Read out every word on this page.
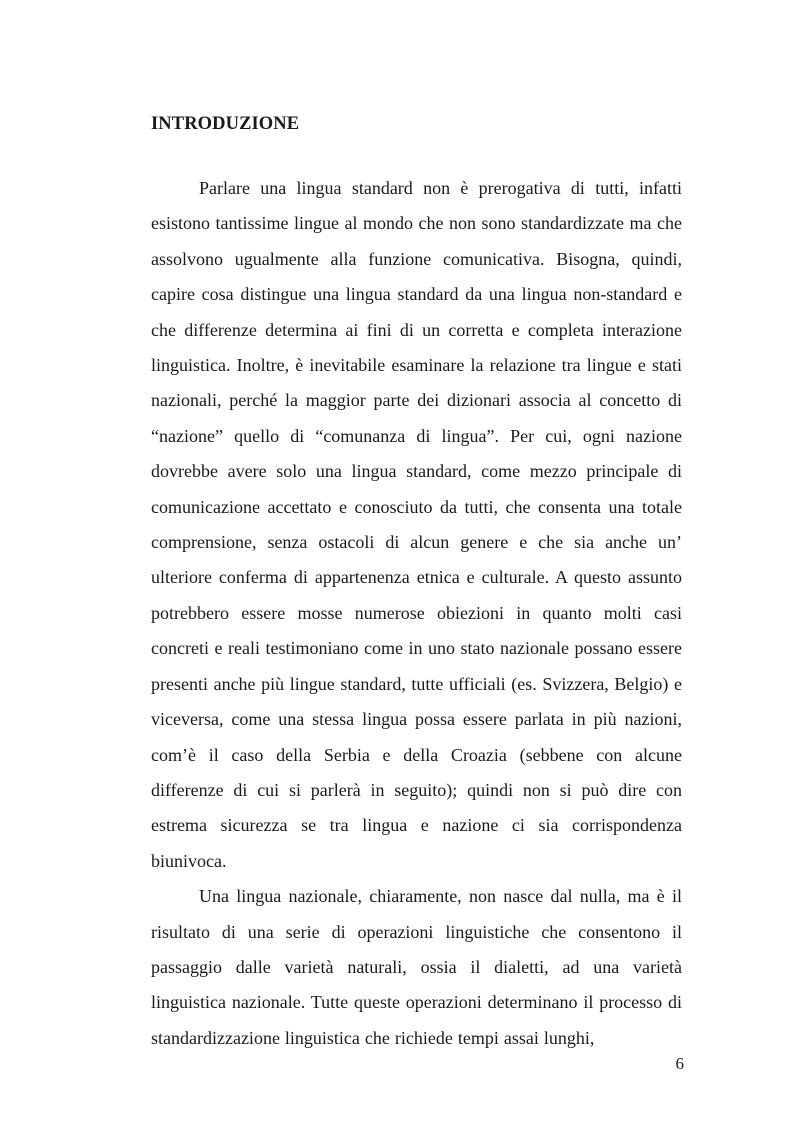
INTRODUZIONE

Parlare una lingua standard non è prerogativa di tutti, infatti esistono tantissime lingue al mondo che non sono standardizzate ma che assolvono ugualmente alla funzione comunicativa. Bisogna, quindi, capire cosa distingue una lingua standard da una lingua non-standard e che differenze determina ai fini di un corretta e completa interazione linguistica. Inoltre, è inevitabile esaminare la relazione tra lingue e stati nazionali, perché la maggior parte dei dizionari associa al concetto di “nazione” quello di “comunanza di lingua”. Per cui, ogni nazione dovrebbe avere solo una lingua standard, come mezzo principale di comunicazione accettato e conosciuto da tutti, che consenta una totale comprensione, senza ostacoli di alcun genere e che sia anche un’ ulteriore conferma di appartenenza etnica e culturale. A questo assunto potrebbero essere mosse numerose obiezioni in quanto molti casi concreti e reali testimoniano come in uno stato nazionale possano essere presenti anche più lingue standard, tutte ufficiali (es. Svizzera, Belgio) e viceversa, come una stessa lingua possa essere parlata in più nazioni, com’è il caso della Serbia e della Croazia (sebbene con alcune differenze di cui si parlerà in seguito); quindi non si può dire con estrema sicurezza se tra lingua e nazione ci sia corrispondenza biunivoca.

Una lingua nazionale, chiaramente, non nasce dal nulla, ma è il risultato di una serie di operazioni linguistiche che consentono il passaggio dalle varietà naturali, ossia il dialetti, ad una varietà linguistica nazionale. Tutte queste operazioni determinano il processo di standardizzazione linguistica che richiede tempi assai lunghi,

6
